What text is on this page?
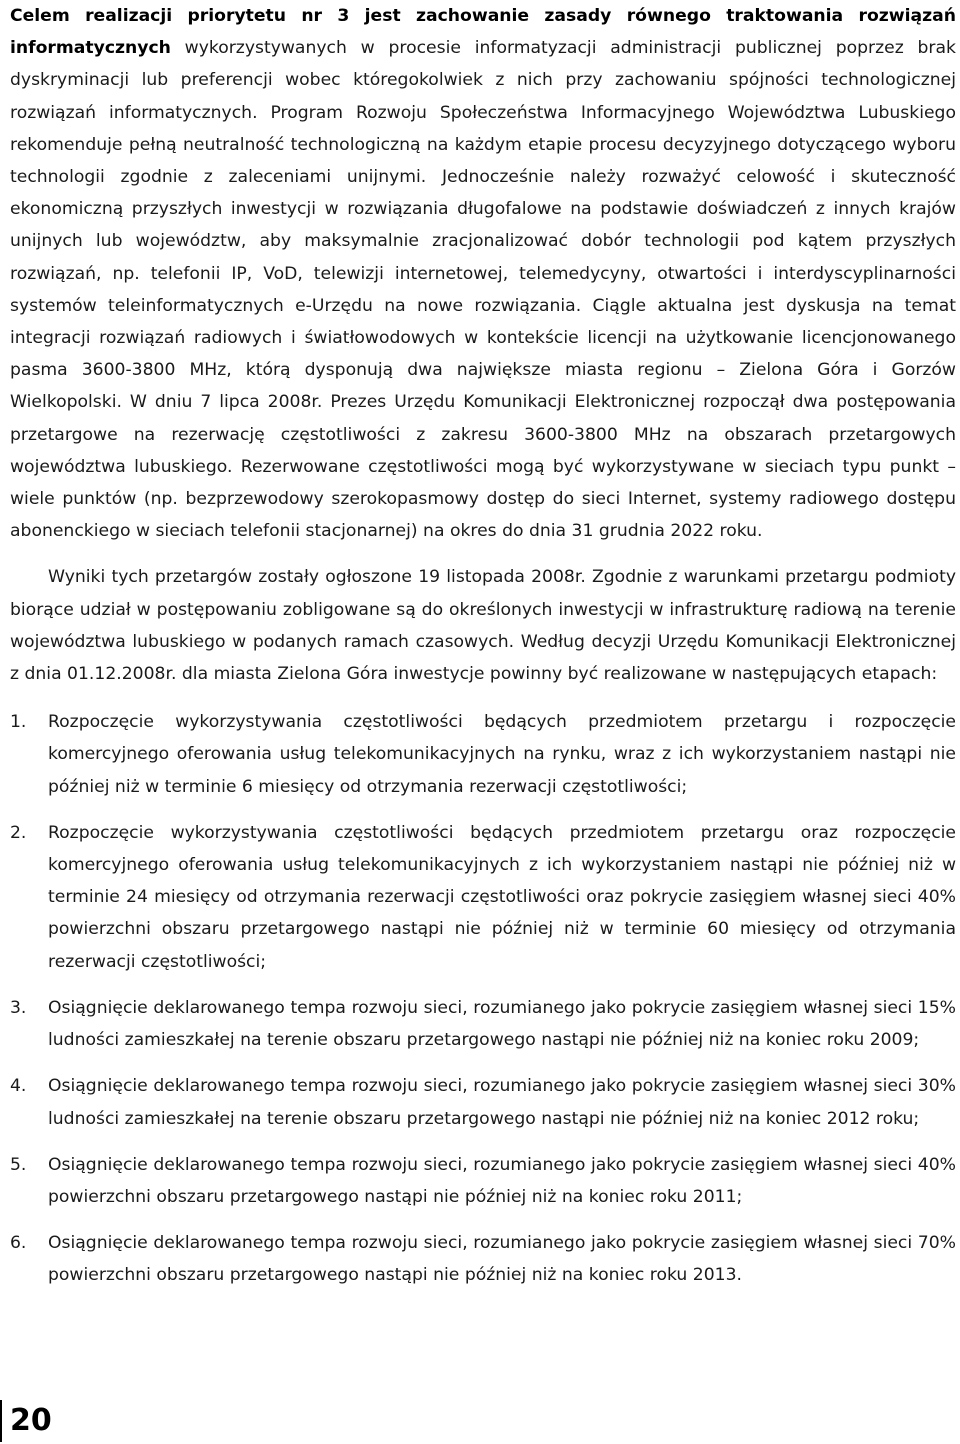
Celem realizacji priorytetu nr 3 jest zachowanie zasady równego traktowania rozwiązań informatycznych wykorzystywanych w procesie informatyzacji administracji publicznej poprzez brak dyskryminacji lub preferencji wobec któregokolwiek z nich przy zachowaniu spójności technologicznej rozwiązań informatycznych. Program Rozwoju Społeczeństwa Informacyjnego Województwa Lubuskiego rekomenduje pełną neutralność technologiczną na każdym etapie procesu decyzyjnego dotyczącego wyboru technologii zgodnie z zaleceniami unijnymi. Jednocześnie należy rozważyć celowość i skuteczność ekonomiczną przyszłych inwestycji w rozwiązania długofalowe na podstawie doświadczeń z innych krajów unijnych lub województw, aby maksymalnie zracjonalizować dobór technologii pod kątem przyszłych rozwiązań, np. telefonii IP, VoD, telewizji internetowej, telemedycyny, otwartości i interdyscyplinarności systemów teleinformatycznych e-Urzędu na nowe rozwiązania. Ciągle aktualna jest dyskusja na temat integracji rozwiązań radiowych i światłowodowych w kontekście licencji na użytkowanie licencjonowanego pasma 3600-3800 MHz, którą dysponują dwa największe miasta regionu – Zielona Góra i Gorzów Wielkopolski. W dniu 7 lipca 2008r. Prezes Urzędu Komunikacji Elektronicznej rozpoczął dwa postępowania przetargowe na rezerwację częstotliwości z zakresu 3600-3800 MHz na obszarach przetargowych województwa lubuskiego. Rezerwowane częstotliwości mogą być wykorzystywane w sieciach typu punkt – wiele punktów (np. bezprzewodowy szerokopasmowy dostęp do sieci Internet, systemy radiowego dostępu abonenckiego w sieciach telefonii stacjonarnej) na okres do dnia 31 grudnia 2022 roku.

Wyniki tych przetargów zostały ogłoszone 19 listopada 2008r. Zgodnie z warunkami przetargu podmioty biorące udział w postępowaniu zobligowane są do określonych inwestycji w infrastrukturę radiową na terenie województwa lubuskiego w podanych ramach czasowych. Według decyzji Urzędu Komunikacji Elektronicznej z dnia 01.12.2008r. dla miasta Zielona Góra inwestycje powinny być realizowane w następujących etapach:

1. Rozpoczęcie wykorzystywania częstotliwości będących przedmiotem przetargu i rozpoczęcie komercyjnego oferowania usług telekomunikacyjnych na rynku, wraz z ich wykorzystaniem nastąpi nie później niż w terminie 6 miesięcy od otrzymania rezerwacji częstotliwości;

2. Rozpoczęcie wykorzystywania częstotliwości będących przedmiotem przetargu oraz rozpoczęcie komercyjnego oferowania usług telekomunikacyjnych z ich wykorzystaniem nastąpi nie później niż w terminie 24 miesięcy od otrzymania rezerwacji częstotliwości oraz pokrycie zasięgiem własnej sieci 40% powierzchni obszaru przetargowego nastąpi nie później niż w terminie 60 miesięcy od otrzymania rezerwacji częstotliwości;

3. Osiągnięcie deklarowanego tempa rozwoju sieci, rozumianego jako pokrycie zasięgiem własnej sieci 15% ludności zamieszkałej na terenie obszaru przetargowego nastąpi nie później niż na koniec roku 2009;

4. Osiągnięcie deklarowanego tempa rozwoju sieci, rozumianego jako pokrycie zasięgiem własnej sieci 30% ludności zamieszkałej na terenie obszaru przetargowego nastąpi nie później niż na koniec 2012 roku;

5. Osiągnięcie deklarowanego tempa rozwoju sieci, rozumianego jako pokrycie zasięgiem własnej sieci 40% powierzchni obszaru przetargowego nastąpi nie później niż na koniec roku 2011;

6. Osiągnięcie deklarowanego tempa rozwoju sieci, rozumianego jako pokrycie zasięgiem własnej sieci 70% powierzchni obszaru przetargowego nastąpi nie później niż na koniec roku 2013.

20
